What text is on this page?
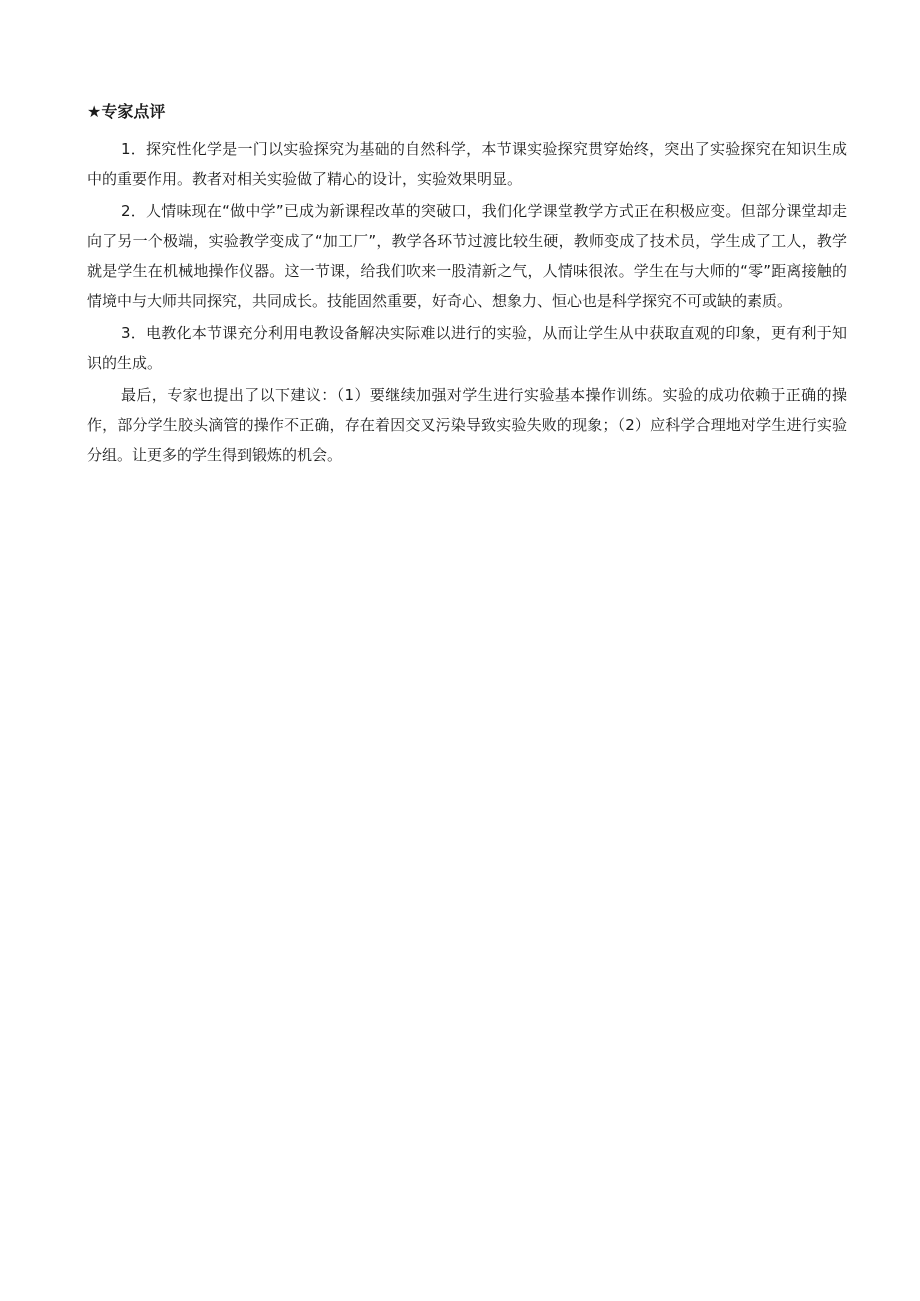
★专家点评

1．探究性化学是一门以实验探究为基础的自然科学，本节课实验探究贯穿始终，突出了实验探究在知识生成中的重要作用。教者对相关实验做了精心的设计，实验效果明显。

2．人情味现在“做中学”已成为新课程改革的突破口，我们化学课堂教学方式正在积极应变。但部分课堂却走向了另一个极端，实验教学变成了“加工厂”，教学各环节过渡比较生硬，教师变成了技术员，学生成了工人，教学就是学生在机械地操作仪器。这一节课，给我们吹来一股清新之气，人情味很浓。学生在与大师的“零”距离接触的情境中与大师共同探究，共同成长。技能固然重要，好奇心、想象力、恒心也是科学探究不可或缺的素质。

3．电教化本节课充分利用电教设备解决实际难以进行的实验，从而让学生从中获取直观的印象，更有利于知识的生成。

最后，专家也提出了以下建议：（1）要继续加强对学生进行实验基本操作训练。实验的成功依赖于正确的操作，部分学生胶头滴管的操作不正确，存在着因交叉污染导致实验失败的现象；（2）应科学合理地对学生进行实验分组。让更多的学生得到锻炼的机会。
